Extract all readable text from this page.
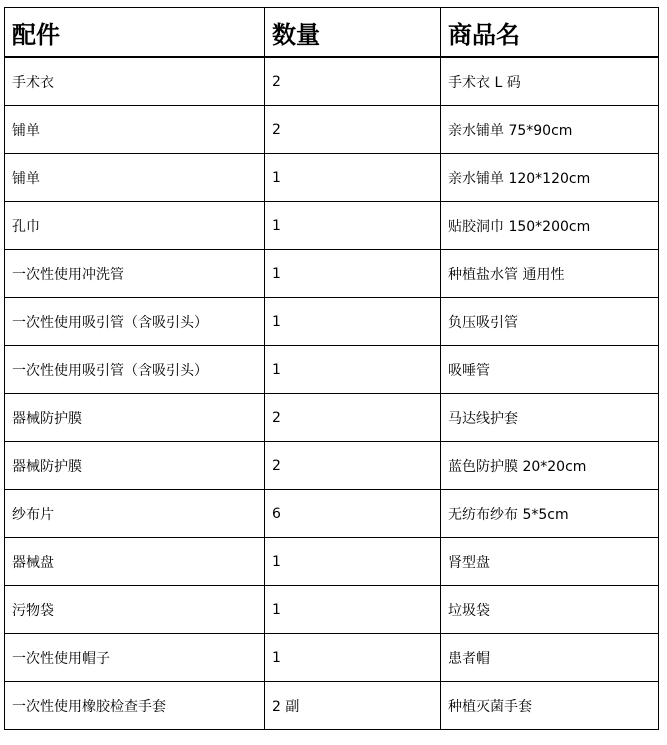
配件	数量	商品名
手术衣	2	手术衣 L 码
铺单	2	亲水铺单 75*90cm
铺单	1	亲水铺单 120*120cm
孔巾	1	贴胶洞巾 150*200cm
一次性使用冲洗管	1	种植盐水管 通用性
一次性使用吸引管（含吸引头）	1	负压吸引管
一次性使用吸引管（含吸引头）	1	吸唾管
器械防护膜	2	马达线护套
器械防护膜	2	蓝色防护膜 20*20cm
纱布片	6	无纺布纱布 5*5cm
器械盘	1	肾型盘
污物袋	1	垃圾袋
一次性使用帽子	1	患者帽
一次性使用橡胶检查手套	2 副	种植灭菌手套
